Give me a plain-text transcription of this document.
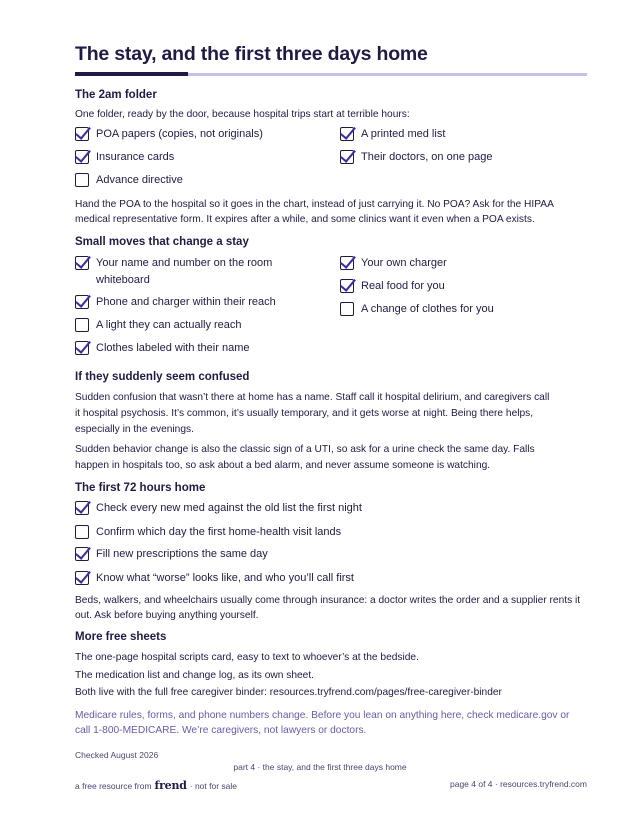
The stay, and the first three days home
The 2am folder
One folder, ready by the door, because hospital trips start at terrible hours:
POA papers (copies, not originals)
Insurance cards
Advance directive
A printed med list
Their doctors, on one page
Hand the POA to the hospital so it goes in the chart, instead of just carrying it. No POA? Ask for the HIPAA
medical representative form. It expires after a while, and some clinics want it even when a POA exists.
Small moves that change a stay
Your name and number on the room
whiteboard
Phone and charger within their reach
A light they can actually reach
Clothes labeled with their name
Your own charger
Real food for you
A change of clothes for you
If they suddenly seem confused
Sudden confusion that wasn’t there at home has a name. Staff call it hospital delirium, and caregivers call
it hospital psychosis. It’s common, it’s usually temporary, and it gets worse at night. Being there helps,
especially in the evenings.
Sudden behavior change is also the classic sign of a UTI, so ask for a urine check the same day. Falls
happen in hospitals too, so ask about a bed alarm, and never assume someone is watching.
The first 72 hours home
Check every new med against the old list the first night
Confirm which day the first home-health visit lands
Fill new prescriptions the same day
Know what “worse” looks like, and who you’ll call first
Beds, walkers, and wheelchairs usually come through insurance: a doctor writes the order and a supplier rents it
out. Ask before buying anything yourself.
More free sheets
The one-page hospital scripts card, easy to text to whoever’s at the bedside.
The medication list and change log, as its own sheet.
Both live with the full free caregiver binder: resources.tryfrend.com/pages/free-caregiver-binder
Medicare rules, forms, and phone numbers change. Before you lean on anything here, check medicare.gov or
call 1-800-MEDICARE. We’re caregivers, not lawyers or doctors.
Checked August 2026
part 4 · the stay, and the first three days home
a free resource from frend · not for sale	page 4 of 4 · resources.tryfrend.com
